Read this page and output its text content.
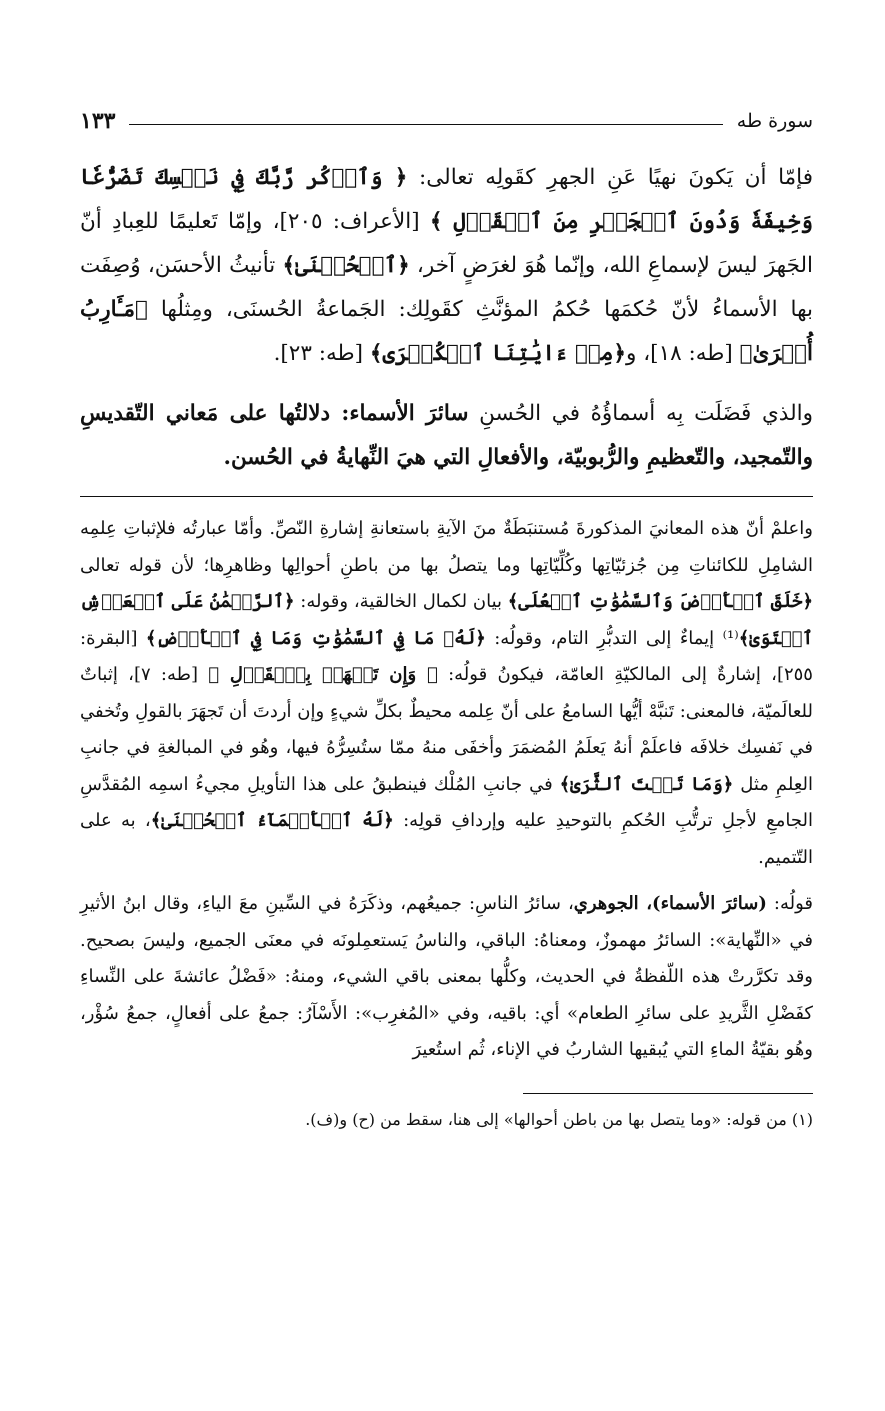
سورة طه
١٣٣

فإمّا أن يَكونَ نهيًا عَنِ الجهرِ كقَولِه تعالى: ﴿ وَٱذۡكُر رَّبَّكَ فِي نَفۡسِكَ تَضَرُّعٗا وَخِيفَةٗ وَدُونَ ٱلۡجَهۡرِ مِنَ ٱلۡقَوۡلِ ﴾ [الأعراف: ٢٠٥]، وإمّا تَعليمًا للعِبادِ أنّ الجَهرَ ليسَ لإسماعِ الله، وإنّما هُوَ لغرَضٍ آخر، ﴿ٱلۡحُسۡنَىٰ﴾ تأنيثُ الأحسَن، وُصِفَت بها الأسماءُ لأنّ حُكمَها حُكمُ المؤنَّثِ كقَولِك: الجَماعةُ الحُسنَى، ومِثلُها ﴿مَـَٔارِبُ أُخۡرَىٰ﴾ [طه: ١٨]، و﴿مِنۡ ءَايَٰتِنَا ٱلۡكُبۡرَى﴾ [طه: ٢٣].

والذي فَضَلَت بِه أسماؤُهُ في الحُسنِ سائرَ الأسماء: دلالتُها على مَعاني التّقديسِ والتّمجيد، والتّعظيمِ والرُّبوبيّة، والأفعالِ التي هيَ النِّهايةُ في الحُسن.

واعلمْ أنّ هذه المعانيَ المذكورةَ مُستنبَطَةٌ منَ الآيةِ باستعانةِ إشارةِ النّصِّ. وأمّا عبارتُه فلإثباتِ عِلمِه الشامِلِ للكائناتِ مِن جُزئيّاتِها وكُلِّيّاتِها وما يتصلُ بها من باطنِ أحوالِها وظاهرِها؛ لأن قوله تعالى ﴿خَلَقَ ٱلۡأَرۡضَ وَٱلسَّمَٰوَٰتِ ٱلۡعُلَى﴾ بيان لكمال الخالقية، وقوله: ﴿ٱلرَّحۡمَٰنُ عَلَى ٱلۡعَرۡشِ ٱسۡتَوَىٰ﴾⁽¹⁾ إيماءٌ إلى التدبُّرِ التام، وقولُه: ﴿لَهُۥ مَا فِي ٱلسَّمَٰوَٰتِ وَمَا فِي ٱلۡأَرۡضِ﴾ [البقرة: ٢٥٥]، إشارةٌ إلى المالكيّةِ العامّة، فيكونُ قولُه: ﴿ وَإِن تَجۡهَرۡ بِٱلۡقَوۡلِ ﴾ [طه: ٧]، إثباتٌ للعالَميّة، فالمعنى: تَنبَّهْ أيُّها السامعُ على أنّ عِلمه محيطٌ بكلِّ شيءٍ وإن أردتَ أن تَجهَرَ بالقولِ وتُخفي في نَفسِك خلافَه فاعلَمْ أنهُ يَعلَمُ المُضمَرَ وأخفَى منهُ ممّا ستُسِرُّهُ فيها، وهُو في المبالغةِ في جانبِ العِلمِ مثل ﴿وَمَا تَحۡتَ ٱلثَّرَىٰ﴾ في جانبِ المُلْك فينطبقُ على هذا التأويلِ مجيءُ اسمِه المُقدَّسِ الجامعِ لأجلِ ترتُّبِ الحُكمِ بالتوحيدِ عليه وإردافِ قولِه: ﴿لَهُ ٱلۡأَسۡمَآءُ ٱلۡحُسۡنَىٰ﴾، به على التّتميم.

قولُه: (سائرَ الأسماء)، الجوهري، سائرُ الناسِ: جميعُهم، وذكَرَهُ في السِّينِ معَ الياءِ، وقال ابنُ الأثيرِ في «النِّهاية»: السائرُ مهموزٌ، ومعناهُ: الباقي، والناسُ يَستعمِلونَه في معنَى الجميع، وليسَ بصحيح. وقد تكرَّرتْ هذه اللّفظةُ في الحديث، وكلُّها بمعنى باقي الشيء، ومنهُ: «فَضْلُ عائشةَ على النِّساءِ كفَضْلِ الثَّريدِ على سائرِ الطعام» أي: باقيه، وفي «المُغرِب»: الأَسْآرُ: جمعُ على أفعالٍ، جمعُ سُؤْر، وهُو بقيّةُ الماءِ التي يُبقيها الشاربُ في الإناء، ثُم استُعيرَ

(١) من قوله: «وما يتصل بها من باطن أحوالها» إلى هنا، سقط من (ح) و(ف).
